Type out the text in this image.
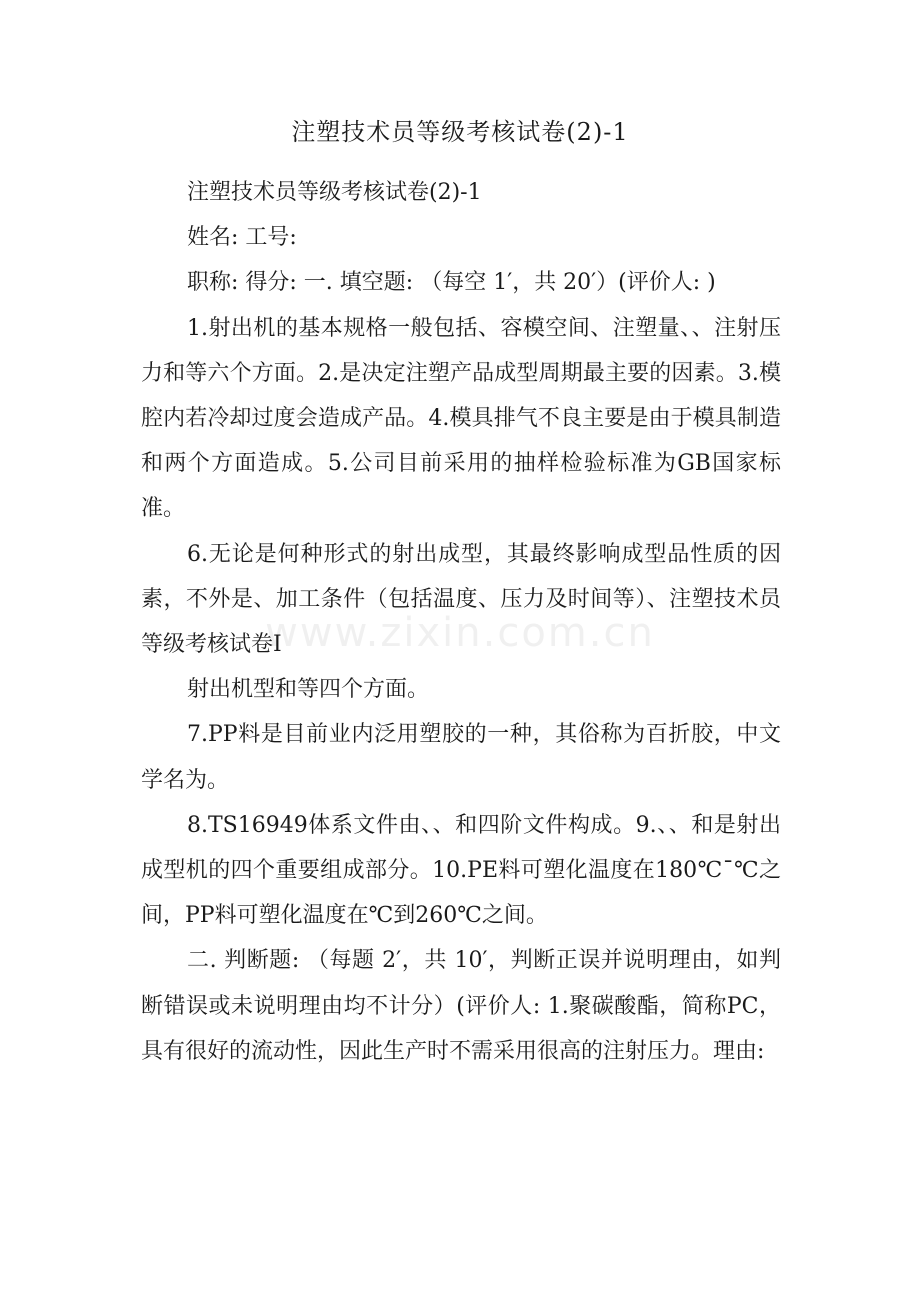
www.zixin.com.cn
注塑技术员等级考核试卷(2)-1

注塑技术员等级考核试卷(2)-1

姓名: 工号:

职称: 得分: 一. 填空题: （每空 1′，共 20′）(评价人: )

1.射出机的基本规格一般包括、容模空间、注塑量、、注射压力和等六个方面。2.是决定注塑产品成型周期最主要的因素。3.模腔内若冷却过度会造成产品。4.模具排气不良主要是由于模具制造和两个方面造成。5.公司目前采用的抽样检验标准为GB国家标准。

6.无论是何种形式的射出成型，其最终影响成型品性质的因素，不外是、加工条件（包括温度、压力及时间等）、注塑技术员等级考核试卷I

射出机型和等四个方面。

7.PP料是目前业内泛用塑胶的一种，其俗称为百折胶，中文学名为。

8.TS16949体系文件由、、和四阶文件构成。9.、、和是射出成型机的四个重要组成部分。10.PE料可塑化温度在180℃ˉ℃之间，PP料可塑化温度在℃到260℃之间。

二. 判断题: （每题 2′，共 10′，判断正误并说明理由，如判断错误或未说明理由均不计分）(评价人: 1.聚碳酸酯，简称PC，具有很好的流动性，因此生产时不需采用很高的注射压力。理由:
